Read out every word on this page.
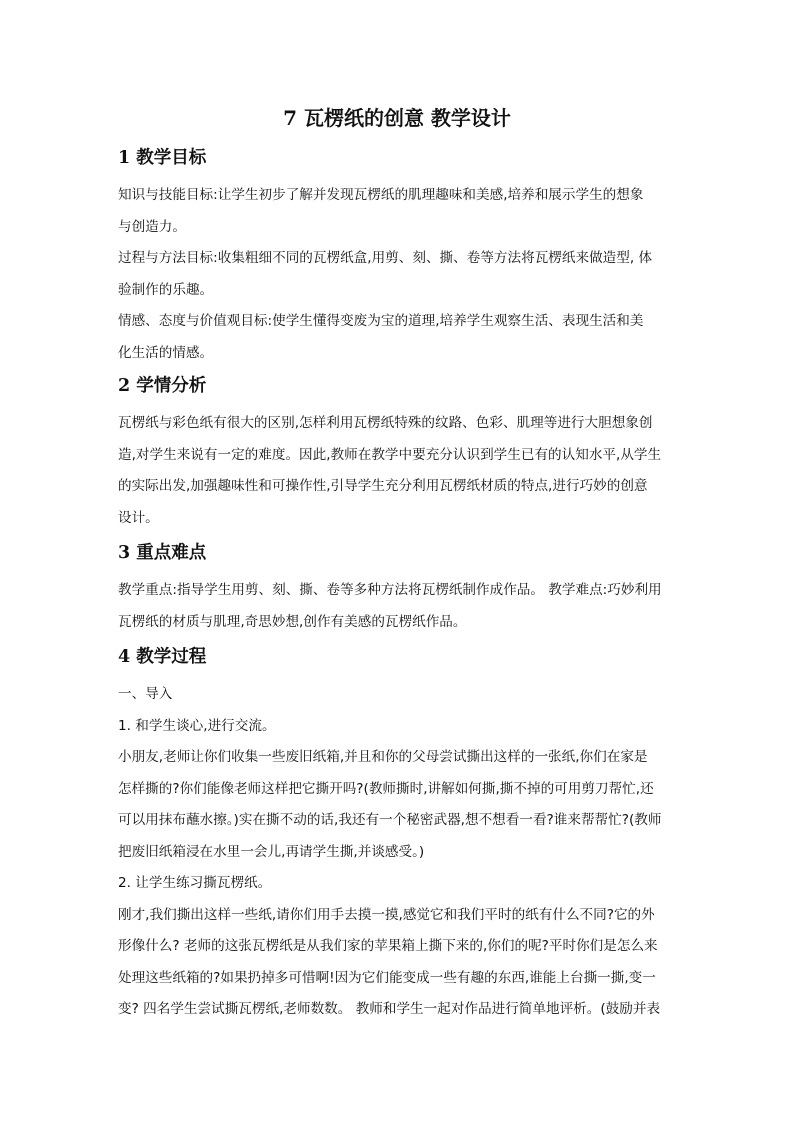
7 瓦楞纸的创意 教学设计
1 教学目标
知识与技能目标:让学生初步了解并发现瓦楞纸的肌理趣味和美感,培养和展示学生的想象
与创造力。
过程与方法目标:收集粗细不同的瓦楞纸盒,用剪、刻、撕、卷等方法将瓦楞纸来做造型, 体
验制作的乐趣。
情感、态度与价值观目标:使学生懂得变废为宝的道理,培养学生观察生活、表现生活和美
化生活的情感。
2 学情分析
瓦楞纸与彩色纸有很大的区别,怎样利用瓦楞纸特殊的纹路、色彩、肌理等进行大胆想象创
造,对学生来说有一定的难度。因此,教师在教学中要充分认识到学生已有的认知水平,从学生
的实际出发,加强趣味性和可操作性,引导学生充分利用瓦楞纸材质的特点,进行巧妙的创意
设计。
3 重点难点
教学重点:指导学生用剪、刻、撕、卷等多种方法将瓦楞纸制作成作品。 教学难点:巧妙利用
瓦楞纸的材质与肌理,奇思妙想,创作有美感的瓦楞纸作品。
4 教学过程
一、导入
1. 和学生谈心,进行交流。
小朋友,老师让你们收集一些废旧纸箱,并且和你的父母尝试撕出这样的一张纸,你们在家是
怎样撕的?你们能像老师这样把它撕开吗?(教师撕时,讲解如何撕,撕不掉的可用剪刀帮忙,还
可以用抹布蘸水擦。)实在撕不动的话,我还有一个秘密武器,想不想看一看?谁来帮帮忙?(教师
把废旧纸箱浸在水里一会儿,再请学生撕,并谈感受。)
2. 让学生练习撕瓦楞纸。
刚才,我们撕出这样一些纸,请你们用手去摸一摸,感觉它和我们平时的纸有什么不同?它的外
形像什么? 老师的这张瓦楞纸是从我们家的苹果箱上撕下来的,你们的呢?平时你们是怎么来
处理这些纸箱的?如果扔掉多可惜啊!因为它们能变成一些有趣的东西,谁能上台撕一撕,变一
变? 四名学生尝试撕瓦楞纸,老师数数。 教师和学生一起对作品进行简单地评析。(鼓励并表
